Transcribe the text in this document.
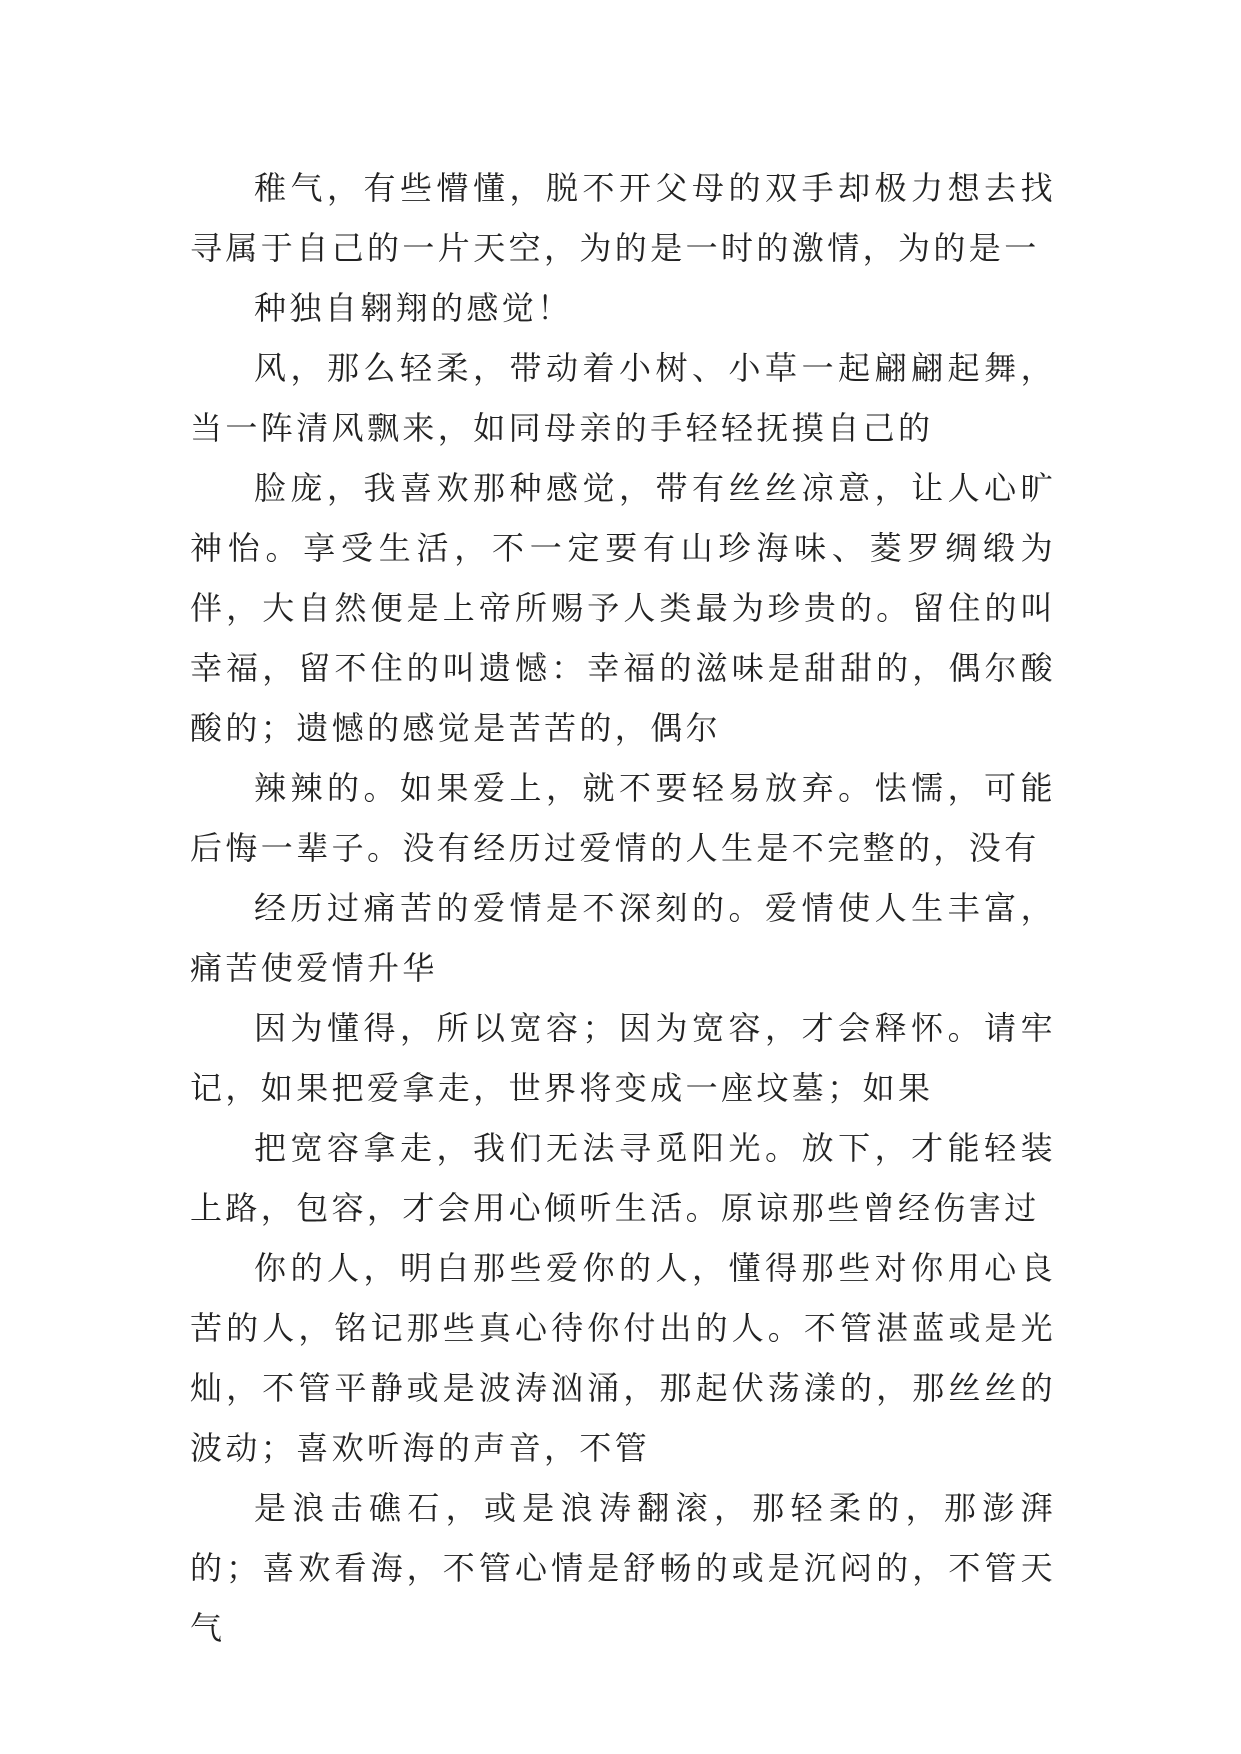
稚气，有些懵懂，脱不开父母的双手却极力想去找寻属于自己的一片天空，为的是一时的激情，为的是一

种独自翱翔的感觉！

风，那么轻柔，带动着小树、小草一起翩翩起舞，当一阵清风飘来，如同母亲的手轻轻抚摸自己的

脸庞，我喜欢那种感觉，带有丝丝凉意，让人心旷神怡。享受生活，不一定要有山珍海味、菱罗绸缎为伴，大自然便是上帝所赐予人类最为珍贵的。留住的叫幸福，留不住的叫遗憾：幸福的滋味是甜甜的，偶尔酸酸的；遗憾的感觉是苦苦的，偶尔

辣辣的。如果爱上，就不要轻易放弃。怯懦，可能后悔一辈子。没有经历过爱情的人生是不完整的，没有

经历过痛苦的爱情是不深刻的。爱情使人生丰富，痛苦使爱情升华

因为懂得，所以宽容；因为宽容，才会释怀。请牢记，如果把爱拿走，世界将变成一座坟墓；如果

把宽容拿走，我们无法寻觅阳光。放下，才能轻装上路，包容，才会用心倾听生活。原谅那些曾经伤害过

你的人，明白那些爱你的人，懂得那些对你用心良苦的人，铭记那些真心待你付出的人。不管湛蓝或是光灿，不管平静或是波涛汹涌，那起伏荡漾的，那丝丝的波动；喜欢听海的声音，不管

是浪击礁石，或是浪涛翻滚，那轻柔的，那澎湃的；喜欢看海，不管心情是舒畅的或是沉闷的，不管天气
